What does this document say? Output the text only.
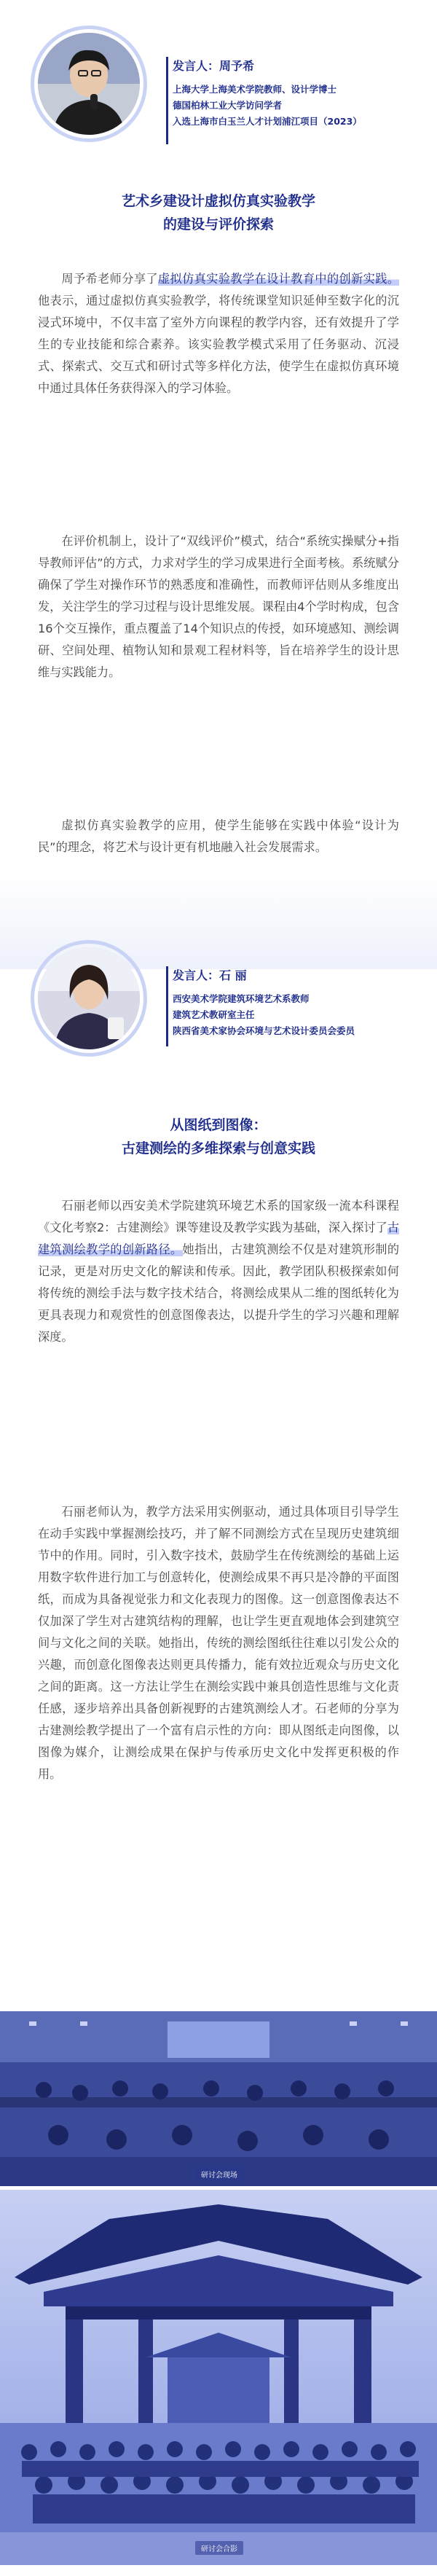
发言人：周予希
上海大学上海美术学院教师、设计学博士
德国柏林工业大学访问学者
入选上海市白玉兰人才计划浦江项目（2023）
艺术乡建设计虚拟仿真实验教学
的建设与评价探索
周予希老师分享了虚拟仿真实验教学在设计教育中的创新实践。他表示，通过虚拟仿真实验教学，将传统课堂知识延伸至数字化的沉浸式环境中，不仅丰富了室外方向课程的教学内容，还有效提升了学生的专业技能和综合素养。该实验教学模式采用了任务驱动、沉浸式、探索式、交互式和研讨式等多样化方法，使学生在虚拟仿真环境中通过具体任务获得深入的学习体验。
在评价机制上，设计了“双线评价”模式，结合“系统实操赋分+指导教师评估”的方式，力求对学生的学习成果进行全面考核。系统赋分确保了学生对操作环节的熟悉度和准确性，而教师评估则从多维度出发，关注学生的学习过程与设计思维发展。课程由4个学时构成，包含16个交互操作，重点覆盖了14个知识点的传授，如环境感知、测绘调研、空间处理、植物认知和景观工程材料等，旨在培养学生的设计思维与实践能力。
虚拟仿真实验教学的应用，使学生能够在实践中体验“设计为民”的理念，将艺术与设计更有机地融入社会发展需求。
发言人：石 丽
西安美术学院建筑环境艺术系教师
建筑艺术教研室主任
陕西省美术家协会环境与艺术设计委员会委员
从图纸到图像：
古建测绘的多维探索与创意实践
石丽老师以西安美术学院建筑环境艺术系的国家级一流本科课程《文化考察2：古建测绘》课等建设及教学实践为基础，深入探讨了古建筑测绘教学的创新路径。她指出，古建筑测绘不仅是对建筑形制的记录，更是对历史文化的解读和传承。因此，教学团队积极探索如何将传统的测绘手法与数字技术结合，将测绘成果从二维的图纸转化为更具表现力和观赏性的创意图像表达，以提升学生的学习兴趣和理解深度。
石丽老师认为，教学方法采用实例驱动，通过具体项目引导学生在动手实践中掌握测绘技巧，并了解不同测绘方式在呈现历史建筑细节中的作用。同时，引入数字技术，鼓励学生在传统测绘的基础上运用数字软件进行加工与创意转化，使测绘成果不再只是冷静的平面图纸，而成为具备视觉张力和文化表现力的图像。这一创意图像表达不仅加深了学生对古建筑结构的理解，也让学生更直观地体会到建筑空间与文化之间的关联。她指出，传统的测绘图纸往往难以引发公众的兴趣，而创意化图像表达则更具传播力，能有效拉近观众与历史文化之间的距离。这一方法让学生在测绘实践中兼具创造性思维与文化责任感，逐步培养出具备创新视野的古建筑测绘人才。石老师的分享为古建测绘教学提出了一个富有启示性的方向：即从图纸走向图像，以图像为媒介，让测绘成果在保护与传承历史文化中发挥更积极的作用。
研讨会现场
研讨会合影
